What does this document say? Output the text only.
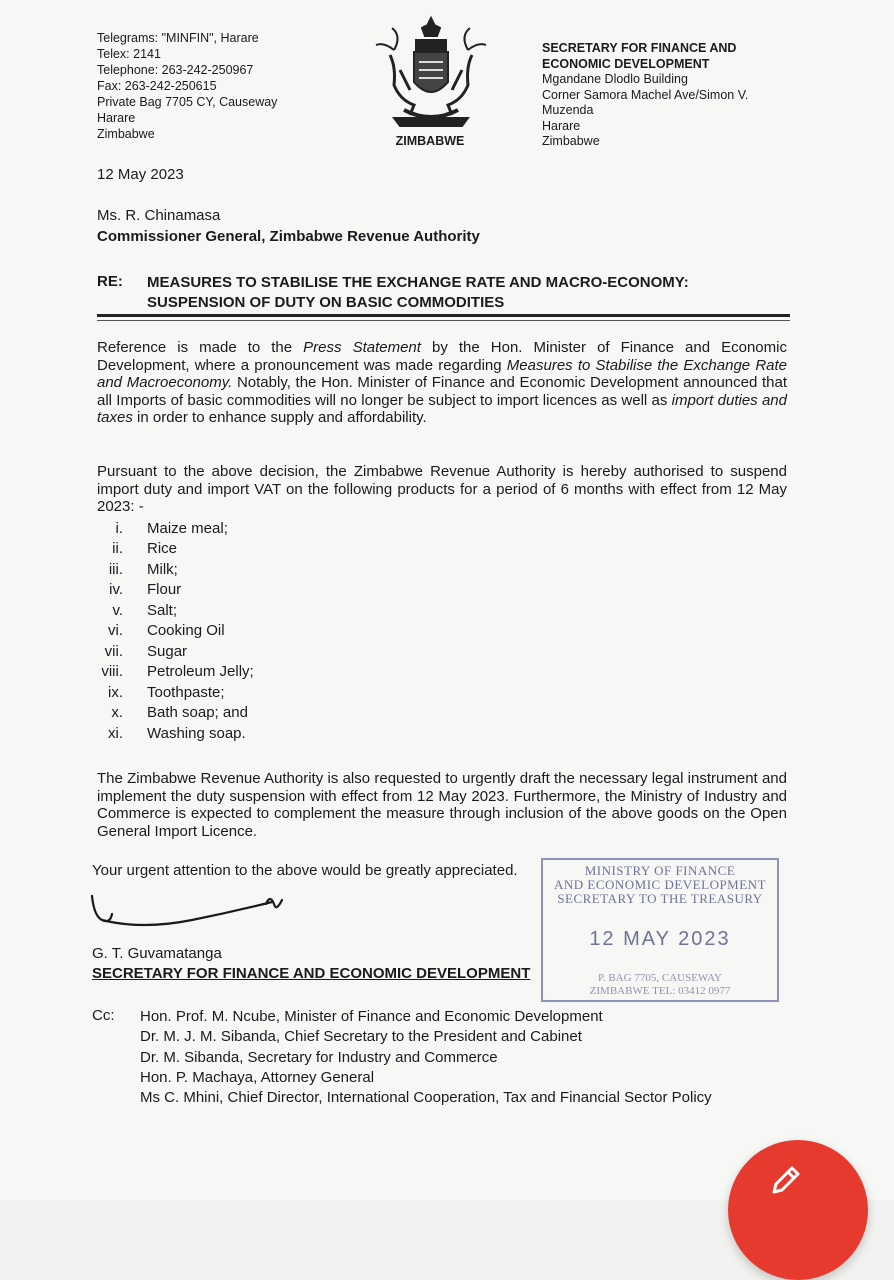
Telegrams: "MINFIN", Harare
Telex: 2141
Telephone: 263-242-250967
Fax: 263-242-250615
Private Bag 7705 CY, Causeway
Harare
Zimbabwe	ZIMBABWE
SECRETARY FOR FINANCE AND ECONOMIC DEVELOPMENT
Mgandane Dlodlo Building
Corner Samora Machel Ave/Simon V. Muzenda
Harare
Zimbabwe
12 May 2023
Ms. R. Chinamasa
Commissioner General, Zimbabwe Revenue Authority
RE: MEASURES TO STABILISE THE EXCHANGE RATE AND MACRO-ECONOMY: SUSPENSION OF DUTY ON BASIC COMMODITIES
Reference is made to the Press Statement by the Hon. Minister of Finance and Economic Development, where a pronouncement was made regarding Measures to Stabilise the Exchange Rate and Macroeconomy. Notably, the Hon. Minister of Finance and Economic Development announced that all Imports of basic commodities will no longer be subject to import licences as well as import duties and taxes in order to enhance supply and affordability.
Pursuant to the above decision, the Zimbabwe Revenue Authority is hereby authorised to suspend import duty and import VAT on the following products for a period of 6 months with effect from 12 May 2023: -
i.	Maize meal;
ii.	Rice
iii.	Milk;
iv.	Flour
v.	Salt;
vi.	Cooking Oil
vii.	Sugar
viii.	Petroleum Jelly;
ix.	Toothpaste;
x.	Bath soap; and
xi.	Washing soap.
The Zimbabwe Revenue Authority is also requested to urgently draft the necessary legal instrument and implement the duty suspension with effect from 12 May 2023. Furthermore, the Ministry of Industry and Commerce is expected to complement the measure through inclusion of the above goods on the Open General Import Licence.
Your urgent attention to the above would be greatly appreciated.
G. T. Guvamatanga
SECRETARY FOR FINANCE AND ECONOMIC DEVELOPMENT
MINISTRY OF FINANCE
AND ECONOMIC DEVELOPMENT
SECRETARY TO THE TREASURY
12 MAY 2023
P. BAG 7705, CAUSEWAY
ZIMBABWE TEL: 03412 0977
Cc: Hon. Prof. M. Ncube, Minister of Finance and Economic Development
Dr. M. J. M. Sibanda, Chief Secretary to the President and Cabinet
Dr. M. Sibanda, Secretary for Industry and Commerce
Hon. P. Machaya, Attorney General
Ms C. Mhini, Chief Director, International Cooperation, Tax and Financial Sector Policy
